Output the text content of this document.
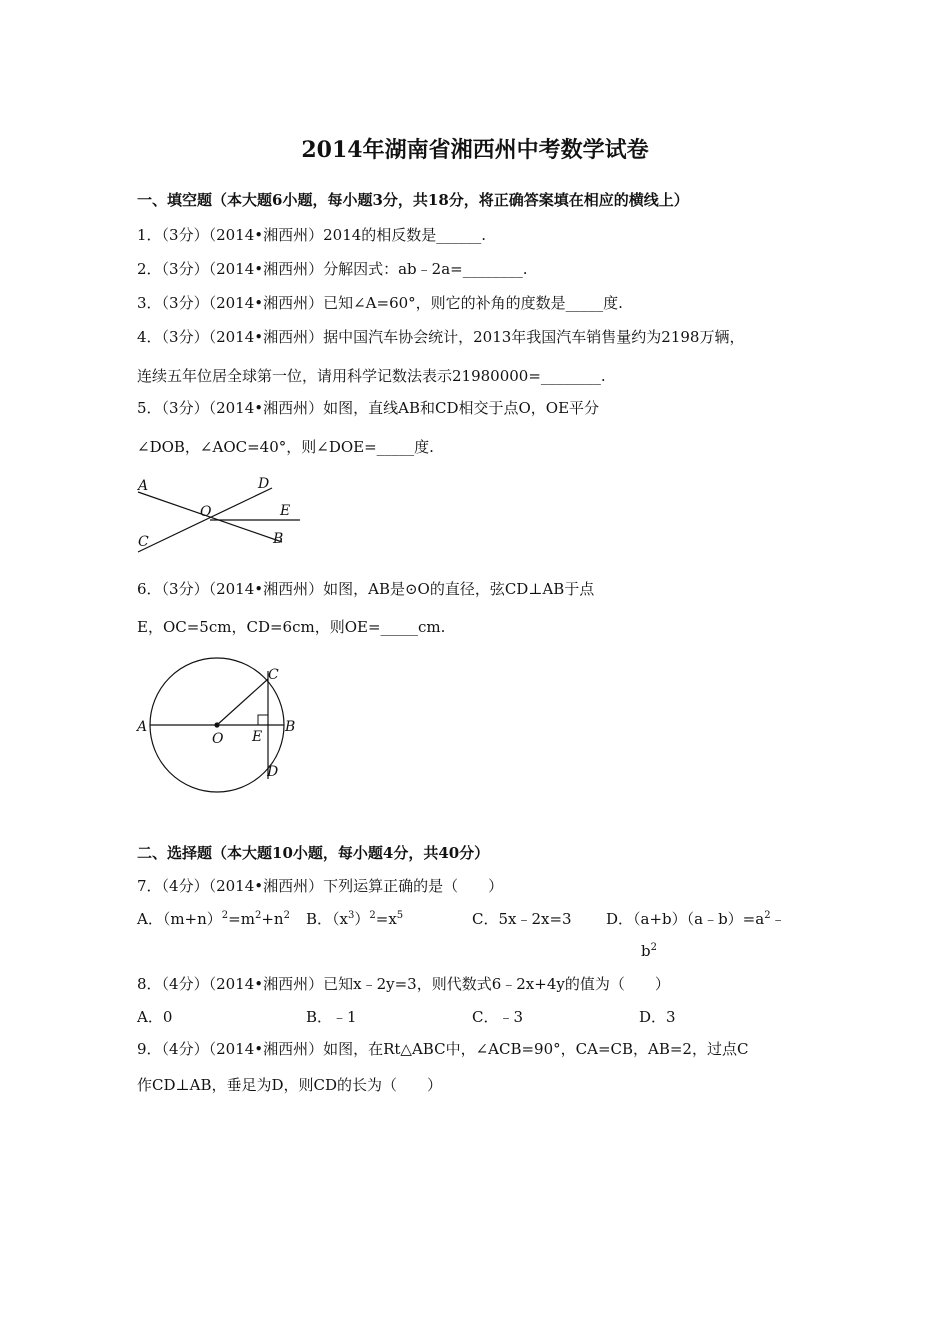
2014年湖南省湘西州中考数学试卷
一、填空题（本大题6小题，每小题3分，共18分，将正确答案填在相应的横线上）
1．（3分）（2014•湘西州）2014的相反数是______.
2．（3分）（2014•湘西州）分解因式：ab﹣2a=________.
3．（3分）（2014•湘西州）已知∠A=60°，则它的补角的度数是_____度.
4．（3分）（2014•湘西州）据中国汽车协会统计，2013年我国汽车销售量约为2198万辆，
连续五年位居全球第一位，请用科学记数法表示21980000=________.
5．（3分）（2014•湘西州）如图，直线AB和CD相交于点O，OE平分
∠DOB，∠AOC=40°，则∠DOE=_____度.
A	D
O	E
C	B
6．（3分）（2014•湘西州）如图，AB是⊙O的直径，弦CD⊥AB于点
E，OC=5cm，CD=6cm，则OE=_____cm.
A
O E
B
C
D
二、选择题（本大题10小题，每小题4分，共40分）
7．（4分）（2014•湘西州）下列运算正确的是（　　）
A．$(m+n)^2=m^2+n^2$ B．$(x^3)^2=x^5$	C．5x﹣2x=3 D．$(a+b)(a﹣b)=a^2﹣$
$b^2$
8．（4分）（2014•湘西州）已知x﹣2y=3，则代数式6﹣2x+4y的值为（　　）
A．0	B．﹣1	C．﹣3	D．3
9．（4分）（2014•湘西州）如图，在Rt△ABC中，∠ACB=90°，CA=CB，AB=2，过点C
作CD⊥AB，垂足为D，则CD的长为（　　）
